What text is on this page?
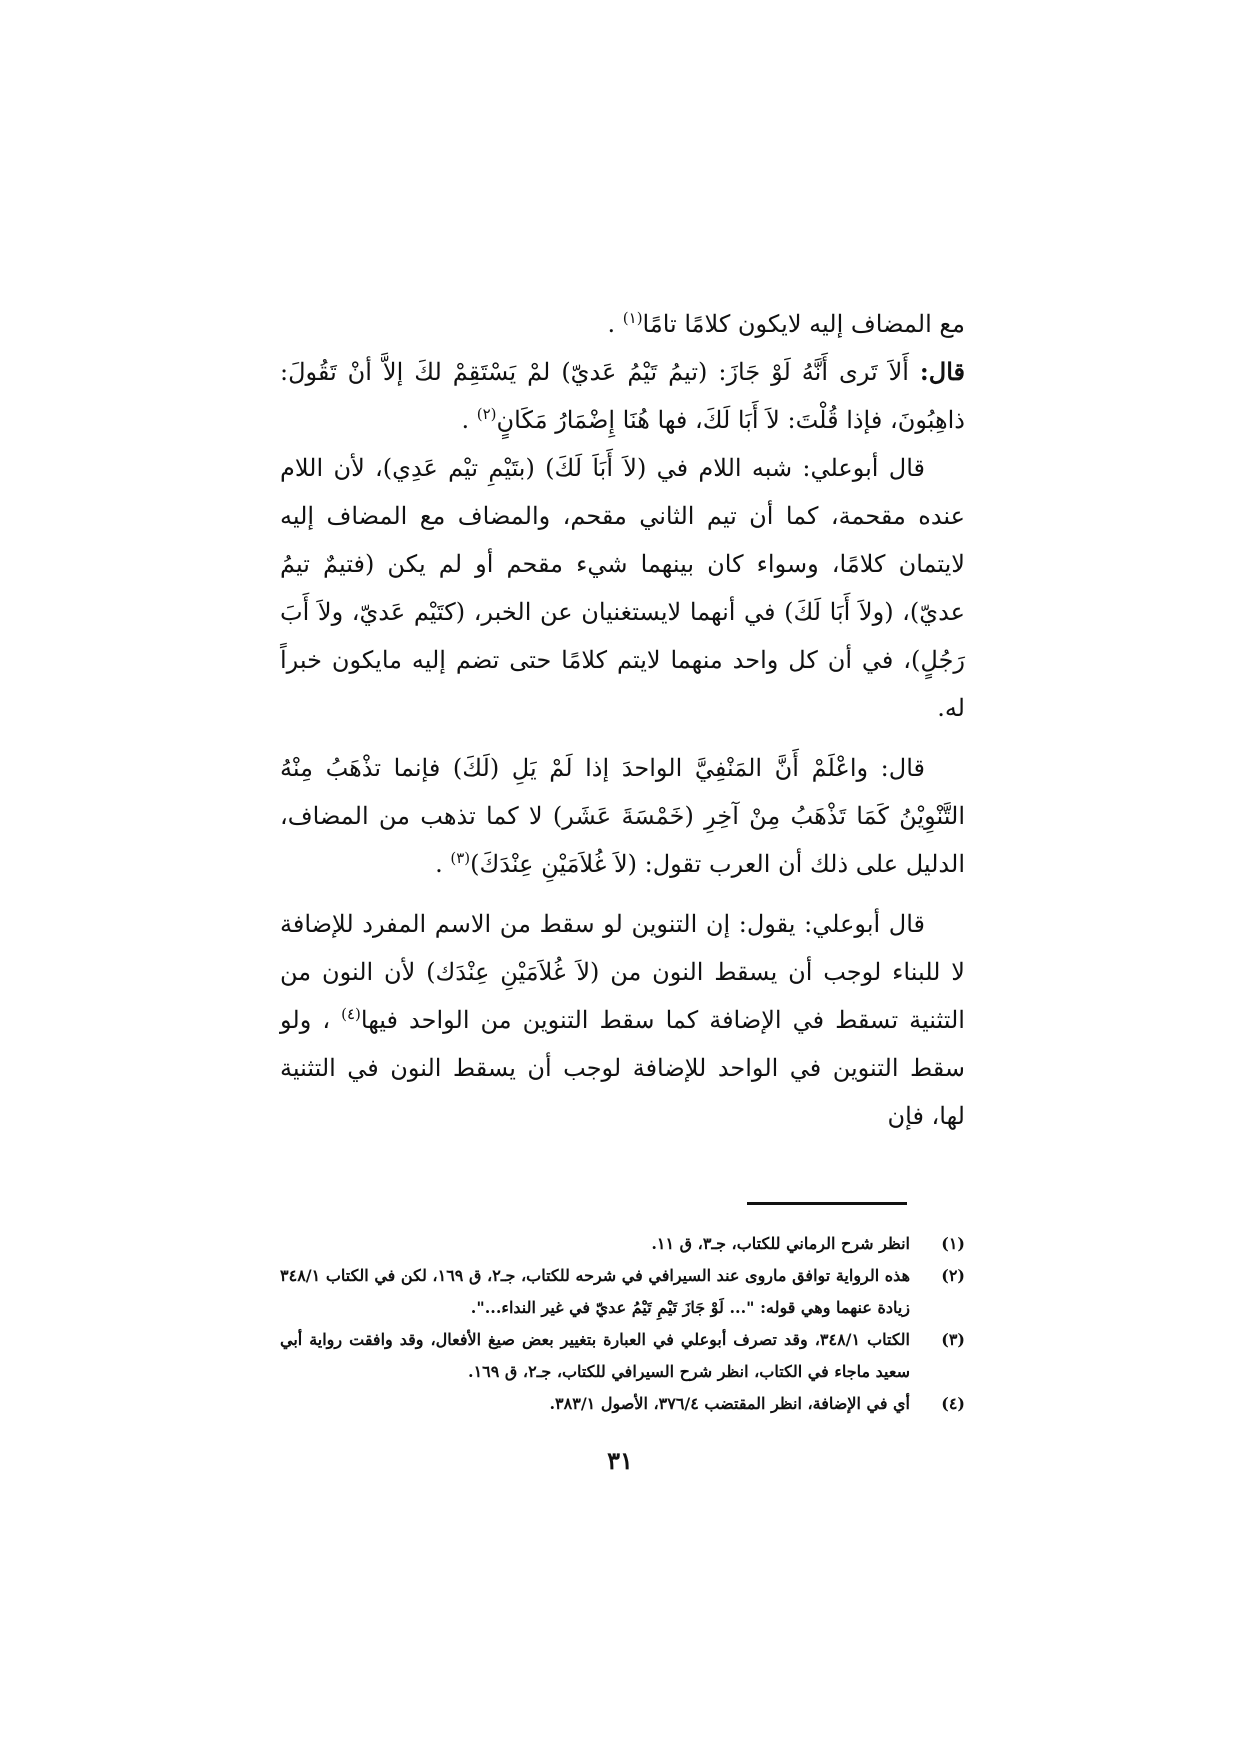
مع المضاف إليه لايكون كلامًا تامًا$^{(١)}$ .

قال: أَلاَ تَرى أَنَّهُ لَوْ جَازَ: (تيمُ تَيْمُ عَديّ) لمْ يَسْتَقِمْ لكَ إلاَّ أنْ تَقُولَ: ذاهِبُونَ، فإذا قُلْتَ: لاَ أَبَا لَكَ، فها هُنَا إِضْمَارُ مَكَانٍ$^{(٢)}$ .

قال أبوعلي: شبه اللام في (لاَ أَبَاَ لَكَ) (بتَيْمِ تيْم عَدِي)، لأن اللام عنده مقحمة، كما أن تيم الثاني مقحم، والمضاف مع المضاف إليه لايتمان كلامًا، وسواء كان بينهما شيء مقحم أو لم يكن (فتيمٌ تيمُ عديّ)، (ولاَ أَبَا لَكَ) في أنهما لايستغنيان عن الخبر، (كتَيْم عَديّ، ولاَ أَبَ رَجُلٍ)، في أن كل واحد منهما لايتم كلامًا حتى تضم إليه مايكون خبراً له.

قال: واعْلَمْ أَنَّ المَنْفِيَّ الواحدَ إذا لَمْ يَلِ (لَكَ) فإنما تذْهَبُ مِنْهُ التَّنْوِيْنُ كَمَا تَذْهَبُ مِنْ آخِرِ (خَمْسَةَ عَشَر) لا كما تذهب من المضاف، الدليل على ذلك أن العرب تقول: (لاَ غُلاَمَيْنِ عِنْدَكَ)$^{(٣)}$ .

قال أبوعلي: يقول: إن التنوين لو سقط من الاسم المفرد للإضافة لا للبناء لوجب أن يسقط النون من (لاَ غُلاَمَيْنِ عِنْدَك) لأن النون من التثنية تسقط في الإضافة كما سقط التنوين من الواحد فيها$^{(٤)}$ ، ولو سقط التنوين في الواحد للإضافة لوجب أن يسقط النون في التثنية لها، فإن

(١)
انظر شرح الرماني للكتاب، جـ٣، ق ١١.
(٢)
هذه الرواية توافق ماروى عند السيرافي في شرحه للكتاب، جـ٢، ق ١٦٩، لكن في الكتاب ٣٤٨/١ زيادة عنهما وهي قوله: "... لَوْ جَازَ تَيْمِ تَيْمُ عديّ في غير النداء...".
(٣)
الكتاب ٣٤٨/١، وقد تصرف أبوعلي في العبارة بتغيير بعض صيغ الأفعال، وقد وافقت رواية أبي سعيد ماجاء في الكتاب، انظر شرح السيرافي للكتاب، جـ٢، ق ١٦٩.
(٤)
أي في الإضافة، انظر المقتضب ٣٧٦/٤، الأصول ٣٨٣/١.
٣١
